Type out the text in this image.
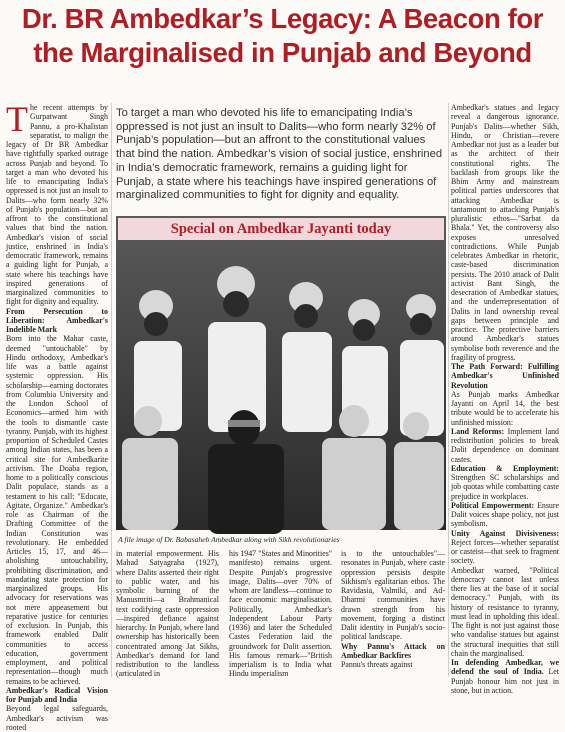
Dr. BR Ambedkar’s Legacy: A Beacon for
the Marginalised in Punjab and Beyond
T he recent attempts by Gurpatwant Singh Pannu, a pro-Khalistan separatist, to malign the legacy of Dr BR Ambedkar have rightfully sparked outrage across Punjab and beyond. To target a man who devoted his life to emancipating India's oppressed is not just an insult to Dalits—who form nearly 32% of Punjab's population—but an affront to the constitutional values that bind the nation. Ambedkar's vision of social justice, enshrined in India's democratic framework, remains a guiding light for Punjab, a state where his teachings have inspired generations of marginalized communities to fight for dignity and equality.

From Persecution to Liberation: Ambedkar's Indelible Mark

Born into the Mahar caste, deemed "untouchable" by Hindu orthodoxy, Ambedkar's life was a battle against systemic oppression. His scholarship—earning doctorates from Columbia University and the London School of Economics—armed him with the tools to dismantle caste tyranny. Punjab, with its highest proportion of Scheduled Castes among Indian states, has been a critical site for Ambedkarite activism. The Doaba region, home to a politically conscious Dalit populace, stands as a testament to his call: "Educate, Agitate, Organize." Ambedkar's role as Chairman of the Drafting Committee of the Indian Constitution was revolutionary. He embedded Articles 15, 17, and 46—abolishing untouchability, prohibiting discrimination, and mandating state protection for marginalized groups. His advocacy for reservations was not mere appeasement but reparative justice for centuries of exclusion. In Punjab, this framework enabled Dalit communities to access education, government employment, and political representation—though much remains to be achieved.

Ambedkar's Radical Vision for Punjab and India

Beyond legal safeguards, Ambedkar's activism was rooted

To target a man who devoted his life to emancipating India’s oppressed is not just an insult to Dalits—who form nearly 32% of Punjab’s population—but an affront to the constitutional values that bind the nation. Ambedkar’s vision of social justice, enshrined in India’s democratic framework, remains a guiding light for Punjab, a state where his teachings have inspired generations of marginalized communities to fight for dignity and equality.
Special on Ambedkar Jayanti today
A file image of Dr. Babasaheb Ambedkar along with Sikh revolutionaries

in material empowerment. His Mahad Satyagraha (1927), where Dalits asserted their right to public water, and his symbolic burning of the Manusmriti—a Brahmanical text codifying caste oppression—inspired defiance against hierarchy. In Punjab, where land ownership has historically been concentrated among Jat Sikhs, Ambedkar's demand for land redistribution to the landless (articulated in

his 1947 "States and Minorities" manifesto) remains urgent. Despite Punjab's progressive image, Dalits—over 70% of whom are landless—continue to face economic marginalisation. Politically, Ambedkar's Independent Labour Party (1936) and later the Scheduled Castes Federation laid the groundwork for Dalit assertion. His famous remark—"British imperialism is to India what Hindu imperialism

is to the untouchables"—resonates in Punjab, where caste oppression persists despite Sikhism's egalitarian ethos. The Ravidasia, Valmiki, and Ad-Dharmi communities have drawn strength from his movement, forging a distinct Dalit identity in Punjab's socio-political landscape.

Why Pannu's Attack on Ambedkar Backfires

Pannu's threats against

Ambedkar's statues and legacy reveal a dangerous ignorance. Punjab's Dalits—whether Sikh, Hindu, or Christian—revere Ambedkar not just as a leader but as the architect of their constitutional rights. The backlash from groups like the Bhim Army and mainstream political parties underscores that attacking Ambedkar is tantamount to attacking Punjab's pluralistic ethos—"Sarbat da Bhala." Yet, the controversy also exposes unresolved contradictions. While Punjab celebrates Ambedkar in rhetoric, caste-based discrimination persists. The 2010 attack of Dalit activist Bant Singh, the desecration of Ambedkar statues, and the underrepresentation of Dalits in land ownership reveal gaps between principle and practice. The protective barriers around Ambedkar's statues symbolise both reverence and the fragility of progress.

The Path Forward: Fulfilling Ambedkar's Unfinished Revolution

As Punjab marks Ambedkar Jayanti on April 14, the best tribute would be to accelerate his unfinished mission:

Land Reforms: Implement land redistribution policies to break Dalit dependence on dominant castes.

Education & Employment: Strengthen SC scholarships and job quotas while combatting caste prejudice in workplaces.

Political Empowerment: Ensure Dalit voices shape policy, not just symbolism.

Unity Against Divisiveness: Reject forces—whether separatist or casteist—that seek to fragment society.

Ambedkar warned, "Political democracy cannot last unless there lies at the base of it social democracy." Punjab, with its history of resistance to tyranny, must lead in upholding this ideal. The fight is not just against those who vandalise statues but against the structural inequities that still chain the marginalised.

In defending Ambedkar, we defend the soul of India. Let Punjab honour him not just in stone, but in action.
